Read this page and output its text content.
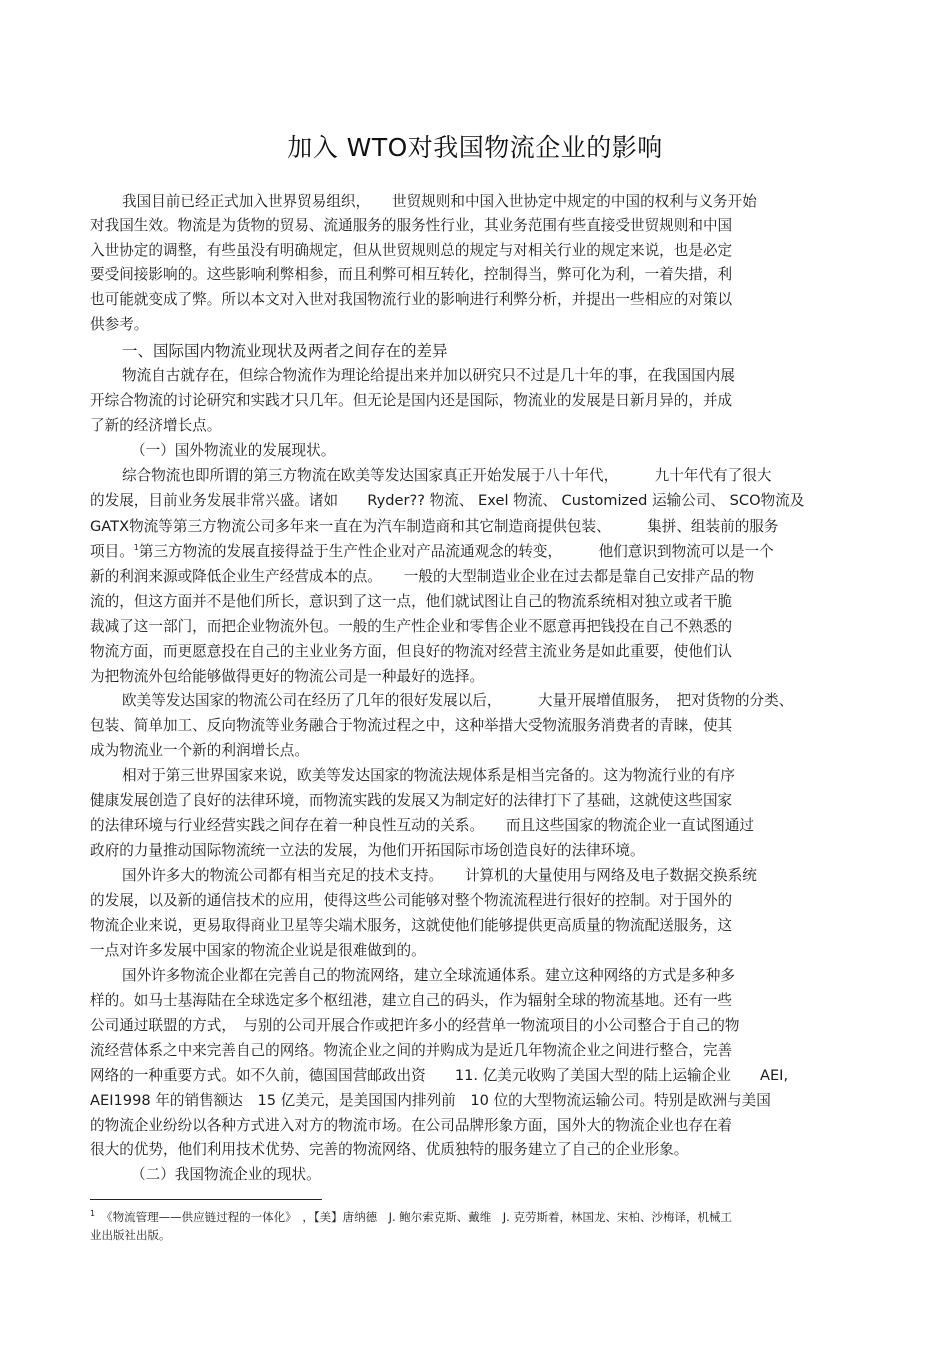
加入 WTO对我国物流企业的影响
我国目前已经正式加入世界贸易组织，　　世贸规则和中国入世协定中规定的中国的权利与义务开始
对我国生效。物流是为货物的贸易、流通服务的服务性行业，其业务范围有些直接受世贸规则和中国
入世协定的调整，有些虽没有明确规定，但从世贸规则总的规定与对相关行业的规定来说，也是必定
要受间接影响的。这些影响利弊相参，而且利弊可相互转化，控制得当，弊可化为利，一着失措，利
也可能就变成了弊。所以本文对入世对我国物流行业的影响进行利弊分析，并提出一些相应的对策以
供参考。
一、国际国内物流业现状及两者之间存在的差异
物流自古就存在，但综合物流作为理论给提出来并加以研究只不过是几十年的事，在我国国内展
开综合物流的讨论研究和实践才只几年。但无论是国内还是国际，物流业的发展是日新月异的，并成
了新的经济增长点。
（一）国外物流业的发展现状。
综合物流也即所谓的第三方物流在欧美等发达国家真正开始发展于八十年代，　　　九十年代有了很大
的发展，目前业务发展非常兴盛。诸如　　Ryder?? 物流、 Exel 物流、 Customized 运输公司、 SCO物流及
GATX物流等第三方物流公司多年来一直在为汽车制造商和其它制造商提供包装、　　　集拼、组装前的服务
项目。$^1$第三方物流的发展直接得益于生产性企业对产品流通观念的转变，　　　他们意识到物流可以是一个
新的利润来源或降低企业生产经营成本的点。　　一般的大型制造业企业在过去都是靠自己安排产品的物
流的，但这方面并不是他们所长，意识到了这一点，他们就试图让自己的物流系统相对独立或者干脆
裁减了这一部门，而把企业物流外包。一般的生产性企业和零售企业不愿意再把钱投在自己不熟悉的
物流方面，而更愿意投在自己的主业业务方面，但良好的物流对经营主流业务是如此重要，使他们认
为把物流外包给能够做得更好的物流公司是一种最好的选择。
欧美等发达国家的物流公司在经历了几年的很好发展以后，　　　大量开展增值服务，　把对货物的分类、
包装、简单加工、反向物流等业务融合于物流过程之中，这种举措大受物流服务消费者的青睐，使其
成为物流业一个新的利润增长点。
相对于第三世界国家来说，欧美等发达国家的物流法规体系是相当完备的。这为物流行业的有序
健康发展创造了良好的法律环境，而物流实践的发展又为制定好的法律打下了基础，这就使这些国家
的法律环境与行业经营实践之间存在着一种良性互动的关系。　　而且这些国家的物流企业一直试图通过
政府的力量推动国际物流统一立法的发展，为他们开拓国际市场创造良好的法律环境。
国外许多大的物流公司都有相当充足的技术支持。　　计算机的大量使用与网络及电子数据交换系统
的发展，以及新的通信技术的应用，使得这些公司能够对整个物流流程进行很好的控制。对于国外的
物流企业来说，更易取得商业卫星等尖端术服务，这就使他们能够提供更高质量的物流配送服务，这
一点对许多发展中国家的物流企业说是很难做到的。
国外许多物流企业都在完善自己的物流网络，建立全球流通体系。建立这种网络的方式是多种多
样的。如马士基海陆在全球选定多个枢纽港，建立自己的码头，作为辐射全球的物流基地。还有一些
公司通过联盟的方式，　与别的公司开展合作或把许多小的经营单一物流项目的小公司整合于自己的物
流经营体系之中来完善自己的网络。物流企业之间的并购成为是近几年物流企业之间进行整合，完善
网络的一种重要方式。如不久前，德国国营邮政出资　　11. 亿美元收购了美国大型的陆上运输企业　　AEI,
AEI1998 年的销售额达　15 亿美元，是美国国内排列前　10 位的大型物流运输公司。特别是欧洲与美国
的物流企业纷纷以各种方式进入对方的物流市场。在公司品牌形象方面，国外大的物流企业也存在着
很大的优势，他们利用技术优势、完善的物流网络、优质独特的服务建立了自己的企业形象。
（二）我国物流企业的现状。
$^1$ 《物流管理——供应链过程的一体化》　，【美】唐纳德　J. 鲍尔索克斯、戴维　J. 克劳斯着，林国龙、宋柏、沙梅译，机械工
业出版社出版。
